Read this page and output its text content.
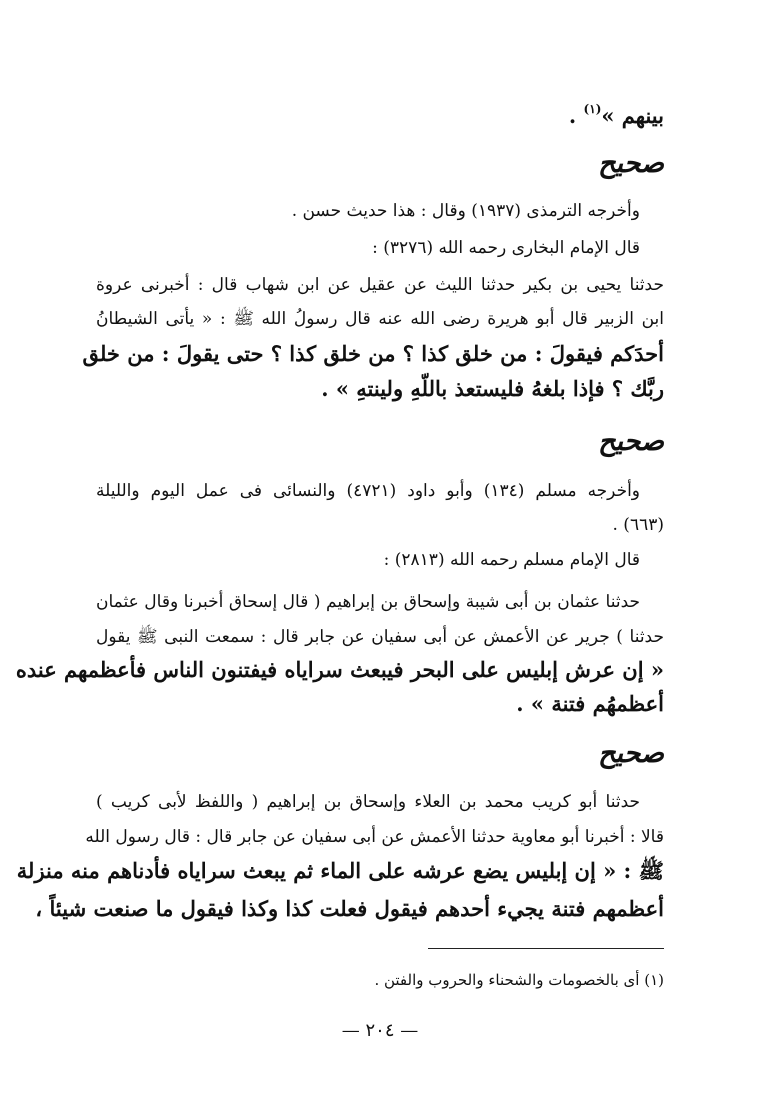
بينهم »$^{(١)}$ .
صحيح
وأخرجه الترمذى (١٩٣٧) وقال : هذا حديث حسن .
قال الإمام البخارى رحمه الله (٣٢٧٦) :
حدثنا يحيى بن بكير حدثنا الليث عن عقيل عن ابن شهاب قال : أخبرنى عروة
ابن الزبير قال أبو هريرة رضى الله عنه قال رسولُ الله ﷺ : « يأتى الشيطانُ
أحدَكم فيقولَ : من خلق كذا ؟ من خلق كذا ؟ حتى يقولَ : من خلق
ربَّك ؟ فإذا بلغهُ فليستعذ باللّهِ ولينتهِ » .
صحيح
وأخرجه مسلم (١٣٤) وأبو داود (٤٧٢١) والنسائى فى عمل اليوم والليلة
(٦٦٣) .
قال الإمام مسلم رحمه الله (٢٨١٣) :
حدثنا عثمان بن أبى شيبة وإسحاق بن إبراهيم ( قال إسحاق أخبرنا وقال عثمان
حدثنا ) جرير عن الأعمش عن أبى سفيان عن جابر قال : سمعت النبى ﷺ يقول
« إن عرش إبليس على البحر فيبعث سراياه فيفتنون الناس فأعظمهم عنده
أعظمهُم فتنة » .
صحيح
حدثنا أبو كريب محمد بن العلاء وإسحاق بن إبراهيم ( واللفظ لأبى كريب )
قالا : أخبرنا أبو معاوية حدثنا الأعمش عن أبى سفيان عن جابر قال : قال رسول الله
ﷺ : « إن إبليس يضع عرشه على الماء ثم يبعث سراياه فأدناهم منه منزلة
أعظمهم فتنة يجيء أحدهم فيقول فعلت كذا وكذا فيقول ما صنعت شيئاً ،
(١) أى بالخصومات والشحناء والحروب والفتن .
— ٢٠٤ —
